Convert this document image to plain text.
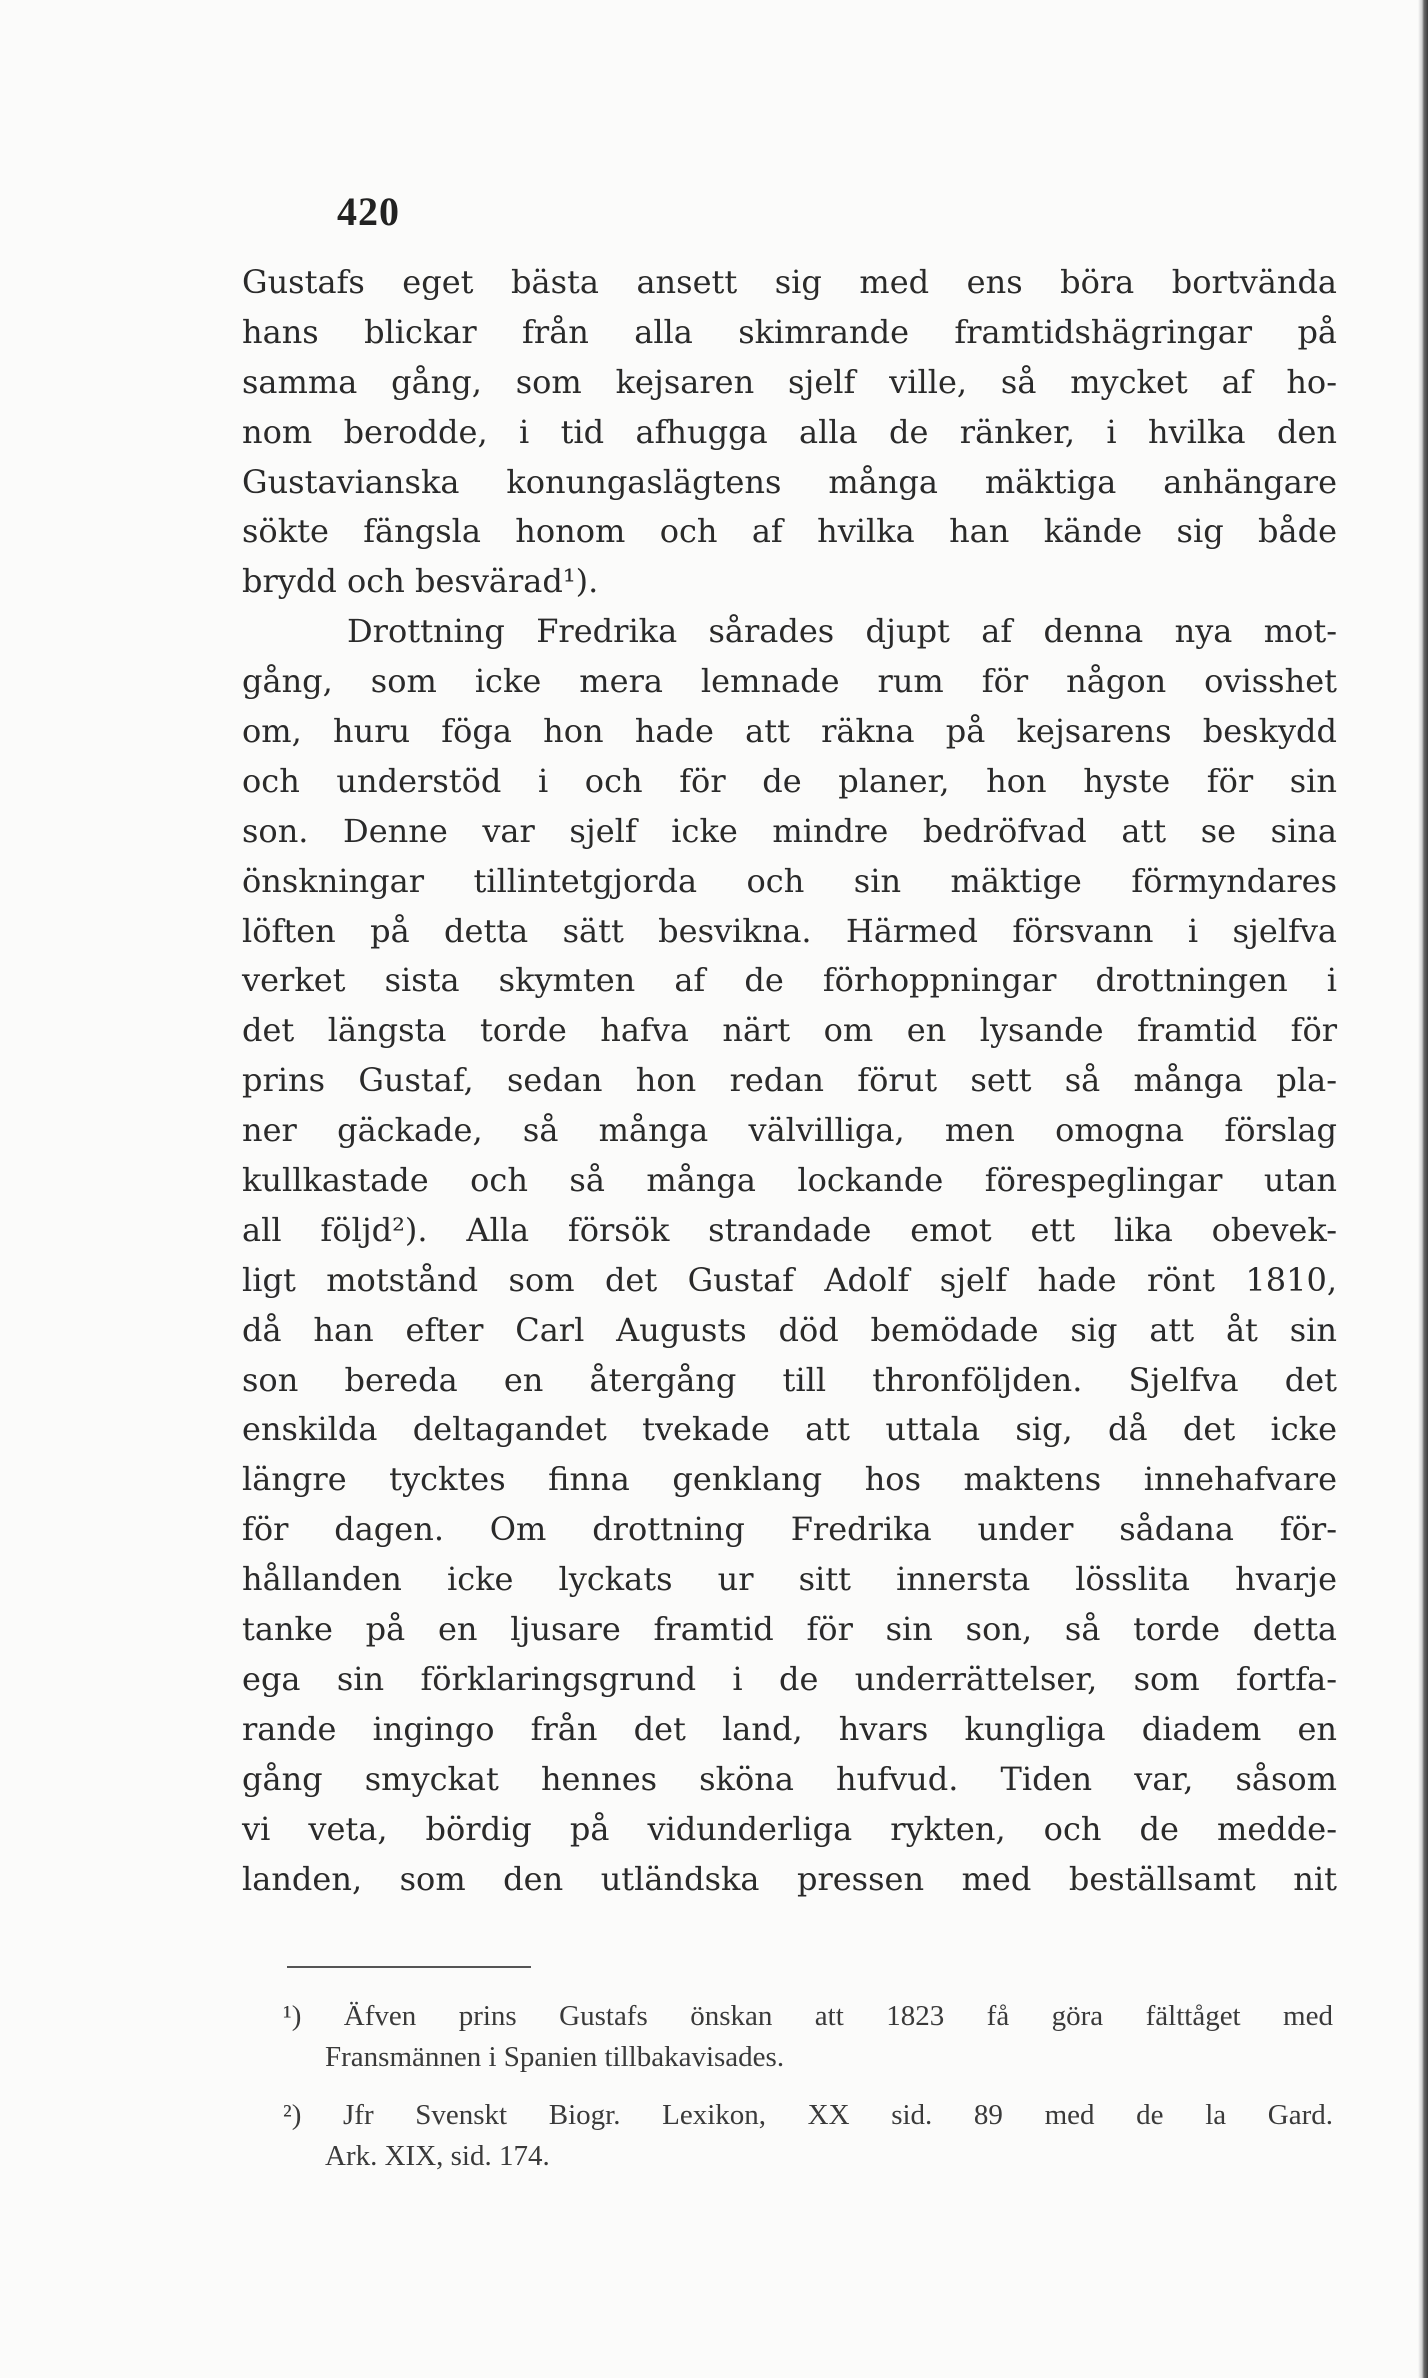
420
Gustafs eget bästa ansett sig med ens böra bortvända
hans blickar från alla skimrande framtidshägringar på
samma gång, som kejsaren sjelf ville, så mycket af ho-
nom berodde, i tid afhugga alla de ränker, i hvilka den
Gustavianska konungaslägtens många mäktiga anhängare
sökte fängsla honom och af hvilka han kände sig både
brydd och besvärad¹).
Drottning Fredrika sårades djupt af denna nya mot-
gång, som icke mera lemnade rum för någon ovisshet
om, huru föga hon hade att räkna på kejsarens beskydd
och understöd i och för de planer, hon hyste för sin
son. Denne var sjelf icke mindre bedröfvad att se sina
önskningar tillintetgjorda och sin mäktige förmyndares
löften på detta sätt besvikna. Härmed försvann i sjelfva
verket sista skymten af de förhoppningar drottningen i
det längsta torde hafva närt om en lysande framtid för
prins Gustaf, sedan hon redan förut sett så många pla-
ner gäckade, så många välvilliga, men omogna förslag
kullkastade och så många lockande förespeglingar utan
all följd²). Alla försök strandade emot ett lika obevek-
ligt motstånd som det Gustaf Adolf sjelf hade rönt 1810,
då han efter Carl Augusts död bemödade sig att åt sin
son bereda en återgång till thronföljden. Sjelfva det
enskilda deltagandet tvekade att uttala sig, då det icke
längre tycktes finna genklang hos maktens innehafvare
för dagen. Om drottning Fredrika under sådana för-
hållanden icke lyckats ur sitt innersta lösslita hvarje
tanke på en ljusare framtid för sin son, så torde detta
ega sin förklaringsgrund i de underrättelser, som fortfa-
rande ingingo från det land, hvars kungliga diadem en
gång smyckat hennes sköna hufvud. Tiden var, såsom
vi veta, bördig på vidunderliga rykten, och de medde-
landen, som den utländska pressen med beställsamt nit
¹) Äfven prins Gustafs önskan att 1823 få göra fälttåget med
Fransmännen i Spanien tillbakavisades.
²) Jfr Svenskt Biogr. Lexikon, XX sid. 89 med de la Gard.
Ark. XIX, sid. 174.
